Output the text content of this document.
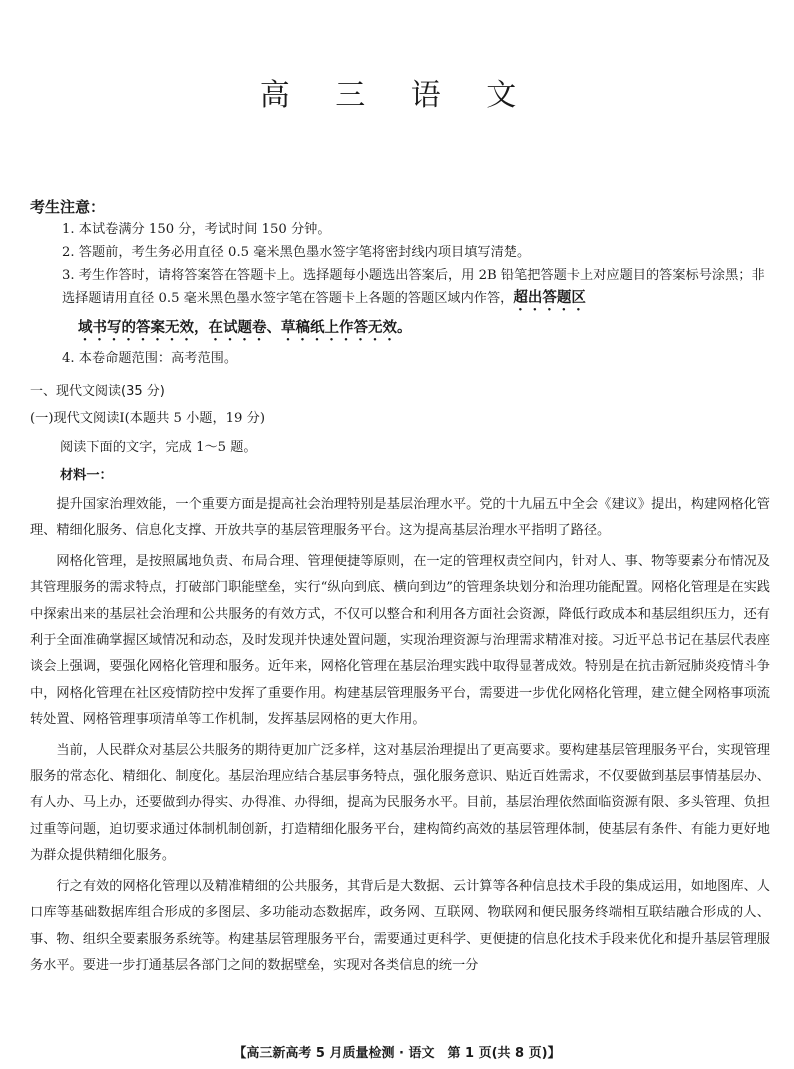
高 三 语 文
考生注意：

1. 本试卷满分 150 分，考试时间 150 分钟。

2. 答题前，考生务必用直径 0.5 毫米黑色墨水签字笔将密封线内项目填写清楚。

3. 考生作答时，请将答案答在答题卡上。选择题每小题选出答案后，用 2B 铅笔把答题卡上对应题目的答案标号涂黑；非选择题请用直径 0.5 毫米黑色墨水签字笔在答题卡上各题的答题区域内作答，超出答题区

域书写的答案无效，在试题卷、草稿纸上作答无效。

4. 本卷命题范围：高考范围。

一、现代文阅读(35 分)
(一)现代文阅读Ⅰ(本题共 5 小题，19 分)
阅读下面的文字，完成 1～5 题。
材料一：

提升国家治理效能，一个重要方面是提高社会治理特别是基层治理水平。党的十九届五中全会《建议》提出，构建网格化管理、精细化服务、信息化支撑、开放共享的基层管理服务平台。这为提高基层治理水平指明了路径。

网格化管理，是按照属地负责、布局合理、管理便捷等原则，在一定的管理权责空间内，针对人、事、物等要素分布情况及其管理服务的需求特点，打破部门职能壁垒，实行“纵向到底、横向到边”的管理条块划分和治理功能配置。网格化管理是在实践中探索出来的基层社会治理和公共服务的有效方式，不仅可以整合和利用各方面社会资源，降低行政成本和基层组织压力，还有利于全面准确掌握区域情况和动态，及时发现并快速处置问题，实现治理资源与治理需求精准对接。习近平总书记在基层代表座谈会上强调，要强化网格化管理和服务。近年来，网格化管理在基层治理实践中取得显著成效。特别是在抗击新冠肺炎疫情斗争中，网格化管理在社区疫情防控中发挥了重要作用。构建基层管理服务平台，需要进一步优化网格化管理，建立健全网格事项流转处置、网格管理事项清单等工作机制，发挥基层网格的更大作用。

当前，人民群众对基层公共服务的期待更加广泛多样，这对基层治理提出了更高要求。要构建基层管理服务平台，实现管理服务的常态化、精细化、制度化。基层治理应结合基层事务特点，强化服务意识、贴近百姓需求，不仅要做到基层事情基层办、有人办、马上办，还要做到办得实、办得准、办得细，提高为民服务水平。目前，基层治理依然面临资源有限、多头管理、负担过重等问题，迫切要求通过体制机制创新，打造精细化服务平台，建构简约高效的基层管理体制，使基层有条件、有能力更好地为群众提供精细化服务。

行之有效的网格化管理以及精准精细的公共服务，其背后是大数据、云计算等各种信息技术手段的集成运用，如地图库、人口库等基础数据库组合形成的多图层、多功能动态数据库，政务网、互联网、物联网和便民服务终端相互联结融合形成的人、事、物、组织全要素服务系统等。构建基层管理服务平台，需要通过更科学、更便捷的信息化技术手段来优化和提升基层管理服务水平。要进一步打通基层各部门之间的数据壁垒，实现对各类信息的统一分

【高三新高考 5 月质量检测 · 语文　第 1 页(共 8 页)】
